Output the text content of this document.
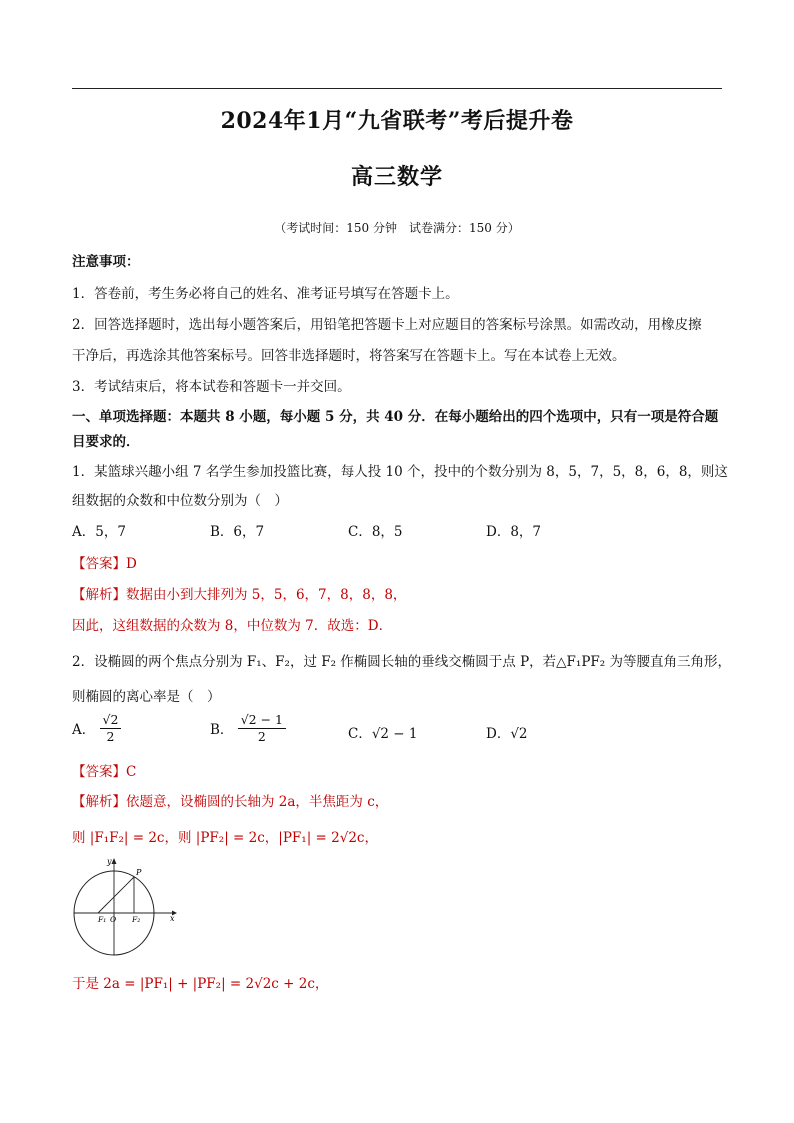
2024年1月“九省联考”考后提升卷
高三数学
（考试时间：150 分钟　试卷满分：150 分）
注意事项：
1．答卷前，考生务必将自己的姓名、准考证号填写在答题卡上。
2．回答选择题时，选出每小题答案后，用铅笔把答题卡上对应题目的答案标号涂黑。如需改动，用橡皮擦
干净后，再选涂其他答案标号。回答非选择题时，将答案写在答题卡上。写在本试卷上无效。
3．考试结束后，将本试卷和答题卡一并交回。
一、单项选择题：本题共 8 小题，每小题 5 分，共 40 分．在每小题给出的四个选项中，只有一项是符合题
目要求的．
1．某篮球兴趣小组 7 名学生参加投篮比赛，每人投 10 个，投中的个数分别为 8，5，7，5，8，6，8，则这
组数据的众数和中位数分别为（　）
A．5，7	B．6，7	C．8，5	D．8，7
【答案】D
【解析】数据由小到大排列为 5，5，6，7，8，8，8，
因此，这组数据的众数为 8，中位数为 7．故选：D．
2．设椭圆的两个焦点分别为 F₁、F₂，过 F₂ 作椭圆长轴的垂线交椭圆于点 P，若△F₁PF₂ 为等腰直角三角形，
则椭圆的离心率是（　）
A． $\frac{√2}{2}$	B． $\frac{√2 - 1}{2}$	C．√2 − 1	D．√2
【答案】C
【解析】依题意，设椭圆的长轴为 2a，半焦距为 c，
则 |F₁F₂| = 2c，则 |PF₂| = 2c，|PF₁| = 2√2c，
y
x
P
F₁ O F₂
于是 2a = |PF₁| + |PF₂| = 2√2c + 2c，
